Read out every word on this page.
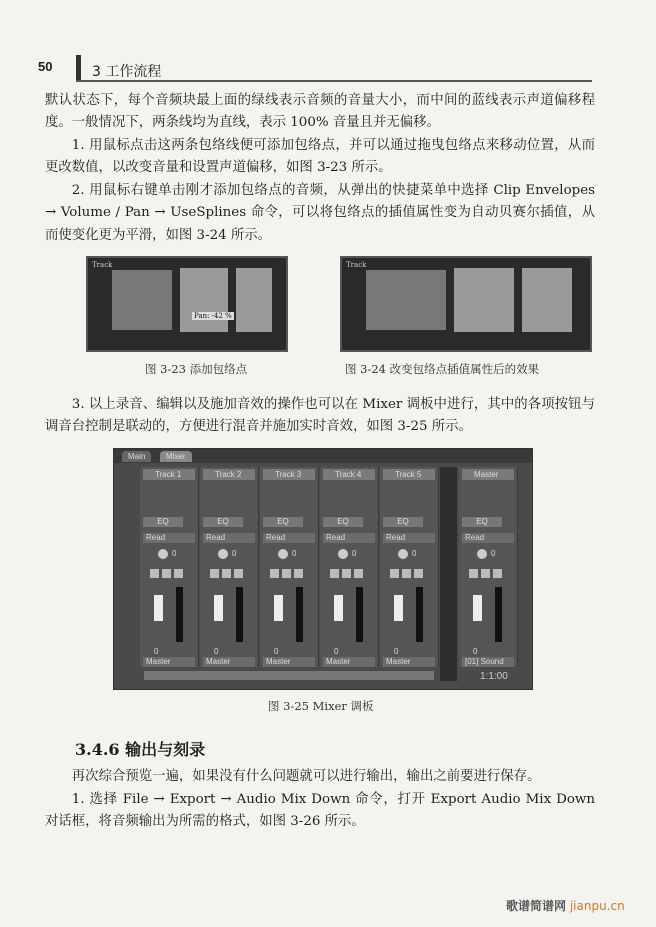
50	3 工作流程
默认状态下，每个音频块最上面的绿线表示音频的音量大小，而中间的蓝线表示声道偏移程度。一般情况下，两条线均为直线，表示 100% 音量且并无偏移。
1. 用鼠标点击这两条包络线便可添加包络点，并可以通过拖曳包络点来移动位置，从而更改数值，以改变音量和设置声道偏移，如图 3-23 所示。
2. 用鼠标右键单击刚才添加包络点的音频，从弹出的快捷菜单中选择 Clip Envelopes → Volume / Pan → UseSplines 命令，可以将包络点的插值属性变为自动贝赛尔插值，从而使变化更为平滑，如图 3-24 所示。
Track
Pan: -42 %
图 3-23 添加包络点
Track
图 3-24 改变包络点插值属性后的效果
3. 以上录音、编辑以及施加音效的操作也可以在 Mixer 调板中进行，其中的各项按钮与调音台控制是联动的，方便进行混音并施加实时音效，如图 3-25 所示。
Main	Mixer
Track 1
EQ
Read
0
0
Master
Track 2
EQ
Read
0
0
Master
Track 3
EQ
Read
0
0
Master
Track 4
EQ
Read
0
0
Master
Track 5
EQ
Read
0
0
Master
Master
EQ
Read
0
0
[01] Sound
1:1:00
图 3-25 Mixer 调板
3.4.6 输出与刻录
再次综合预览一遍，如果没有什么问题就可以进行输出，输出之前要进行保存。
1. 选择 File → Export → Audio Mix Down 命令，打开 Export Audio Mix Down 对话框，将音频输出为所需的格式，如图 3-26 所示。
歌谱简谱网 jianpu.cn
